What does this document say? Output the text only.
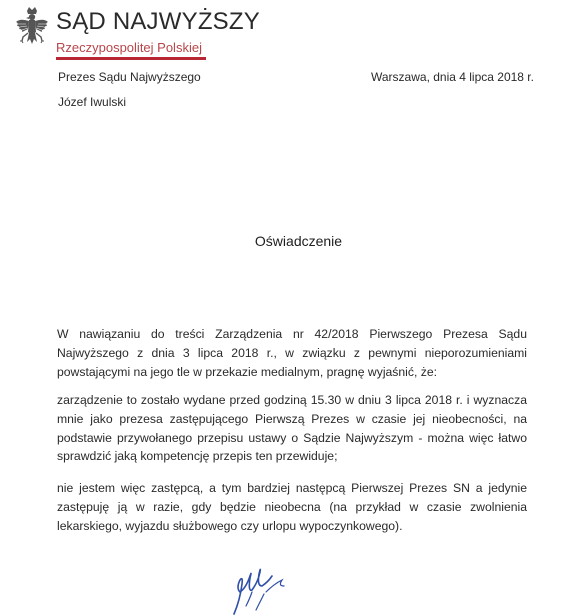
SĄD NAJWYŻSZY
Rzeczypospolitej Polskiej
Prezes Sądu Najwyższego
Józef Iwulski
Warszawa, dnia 4 lipca 2018 r.
Oświadczenie

W nawiązaniu do treści Zarządzenia nr 42/2018 Pierwszego Prezesa Sądu Najwyższego z dnia 3 lipca 2018 r., w związku z pewnymi nieporozumieniami powstającymi na jego tle w przekazie medialnym, pragnę wyjaśnić, że:

zarządzenie to zostało wydane przed godziną 15.30 w dniu 3 lipca 2018 r. i wyznacza mnie jako prezesa zastępującego Pierwszą Prezes w czasie jej nieobecności, na podstawie przywołanego przepisu ustawy o Sądzie Najwyższym - można więc łatwo sprawdzić jaką kompetencję przepis ten przewiduje;

nie jestem więc zastępcą, a tym bardziej następcą Pierwszej Prezes SN a jedynie zastępuję ją w razie, gdy będzie nieobecna (na przykład w czasie zwolnienia lekarskiego, wyjazdu służbowego czy urlopu wypoczynkowego).
